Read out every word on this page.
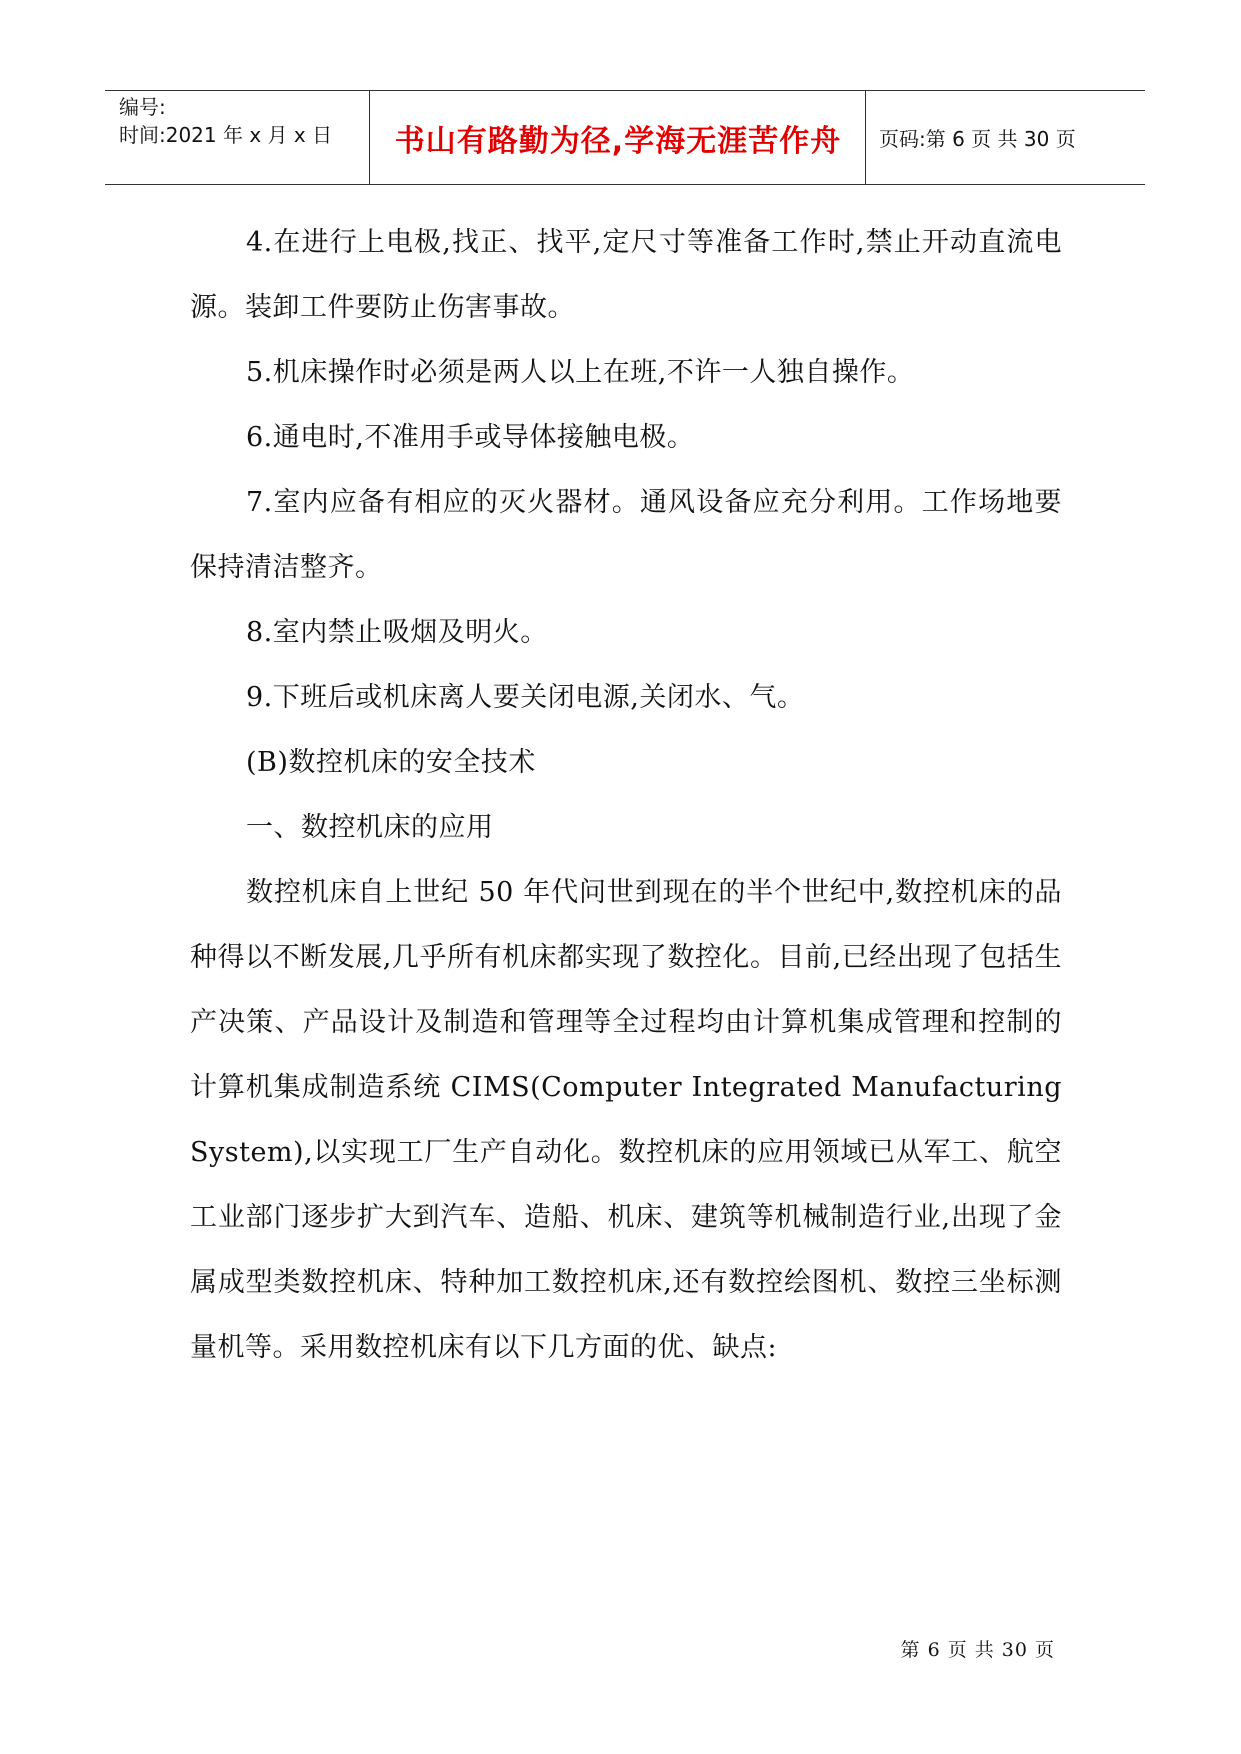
编号:
时间:2021 年 x 月 x 日	书山有路勤为径,学海无涯苦作舟	页码:第 6 页 共 30 页

4.在进行上电极,找正、找平,定尺寸等准备工作时,禁止开动直流电源。装卸工件要防止伤害事故。

5.机床操作时必须是两人以上在班,不许一人独自操作。

6.通电时,不准用手或导体接触电极。

7.室内应备有相应的灭火器材。通风设备应充分利用。工作场地要保持清洁整齐。

8.室内禁止吸烟及明火。

9.下班后或机床离人要关闭电源,关闭水、气。

(B)数控机床的安全技术

一、数控机床的应用

数控机床自上世纪 50 年代问世到现在的半个世纪中,数控机床的品种得以不断发展,几乎所有机床都实现了数控化。目前,已经出现了包括生产决策、产品设计及制造和管理等全过程均由计算机集成管理和控制的计算机集成制造系统 CIMS(Computer Integrated Manufacturing System),以实现工厂生产自动化。数控机床的应用领域已从军工、航空工业部门逐步扩大到汽车、造船、机床、建筑等机械制造行业,出现了金属成型类数控机床、特种加工数控机床,还有数控绘图机、数控三坐标测量机等。采用数控机床有以下几方面的优、缺点:

第 6 页 共 30 页
